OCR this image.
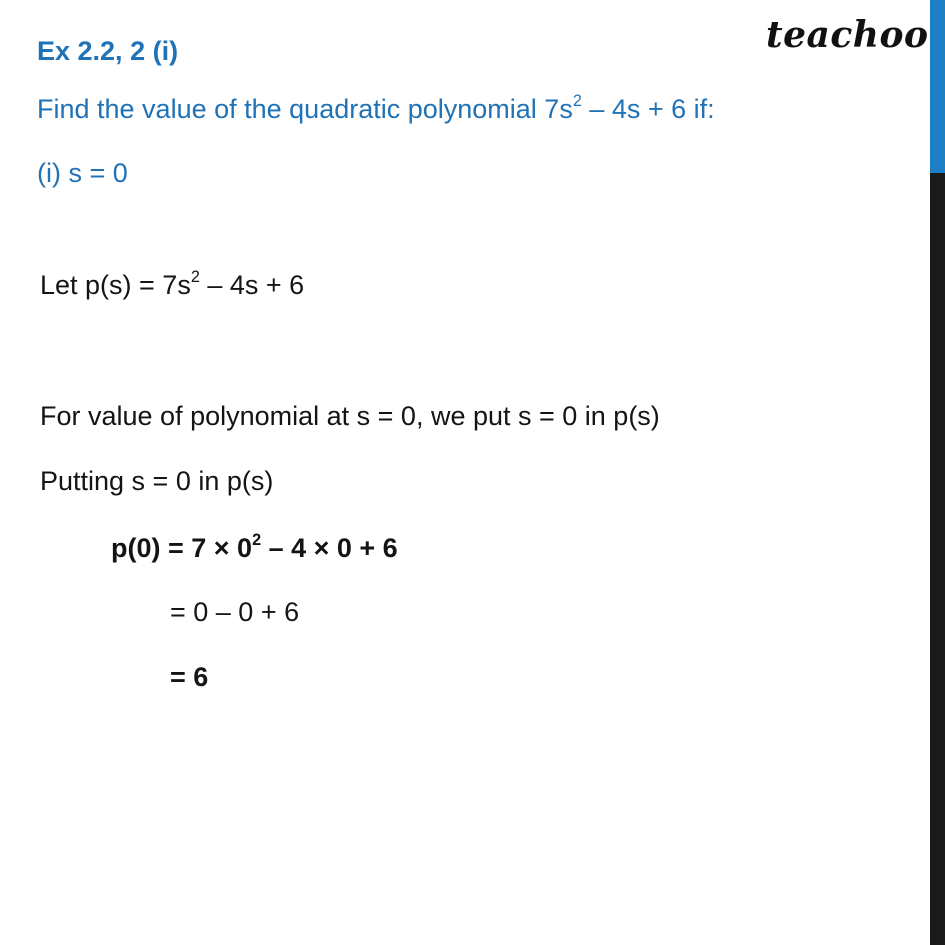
Ex 2.2, 2 (i)	teachoo
Find the value of the quadratic polynomial $7s^2 - 4s + 6$ if:
(i) s = 0
Let $p(s) = 7s^2 - 4s + 6$
For value of polynomial at s = 0, we put s = 0 in p(s)
Putting s = 0 in p(s)
$p(0) = 7 \times 0^2 - 4 \times 0 + 6$
= 0 – 0 + 6
= 6
